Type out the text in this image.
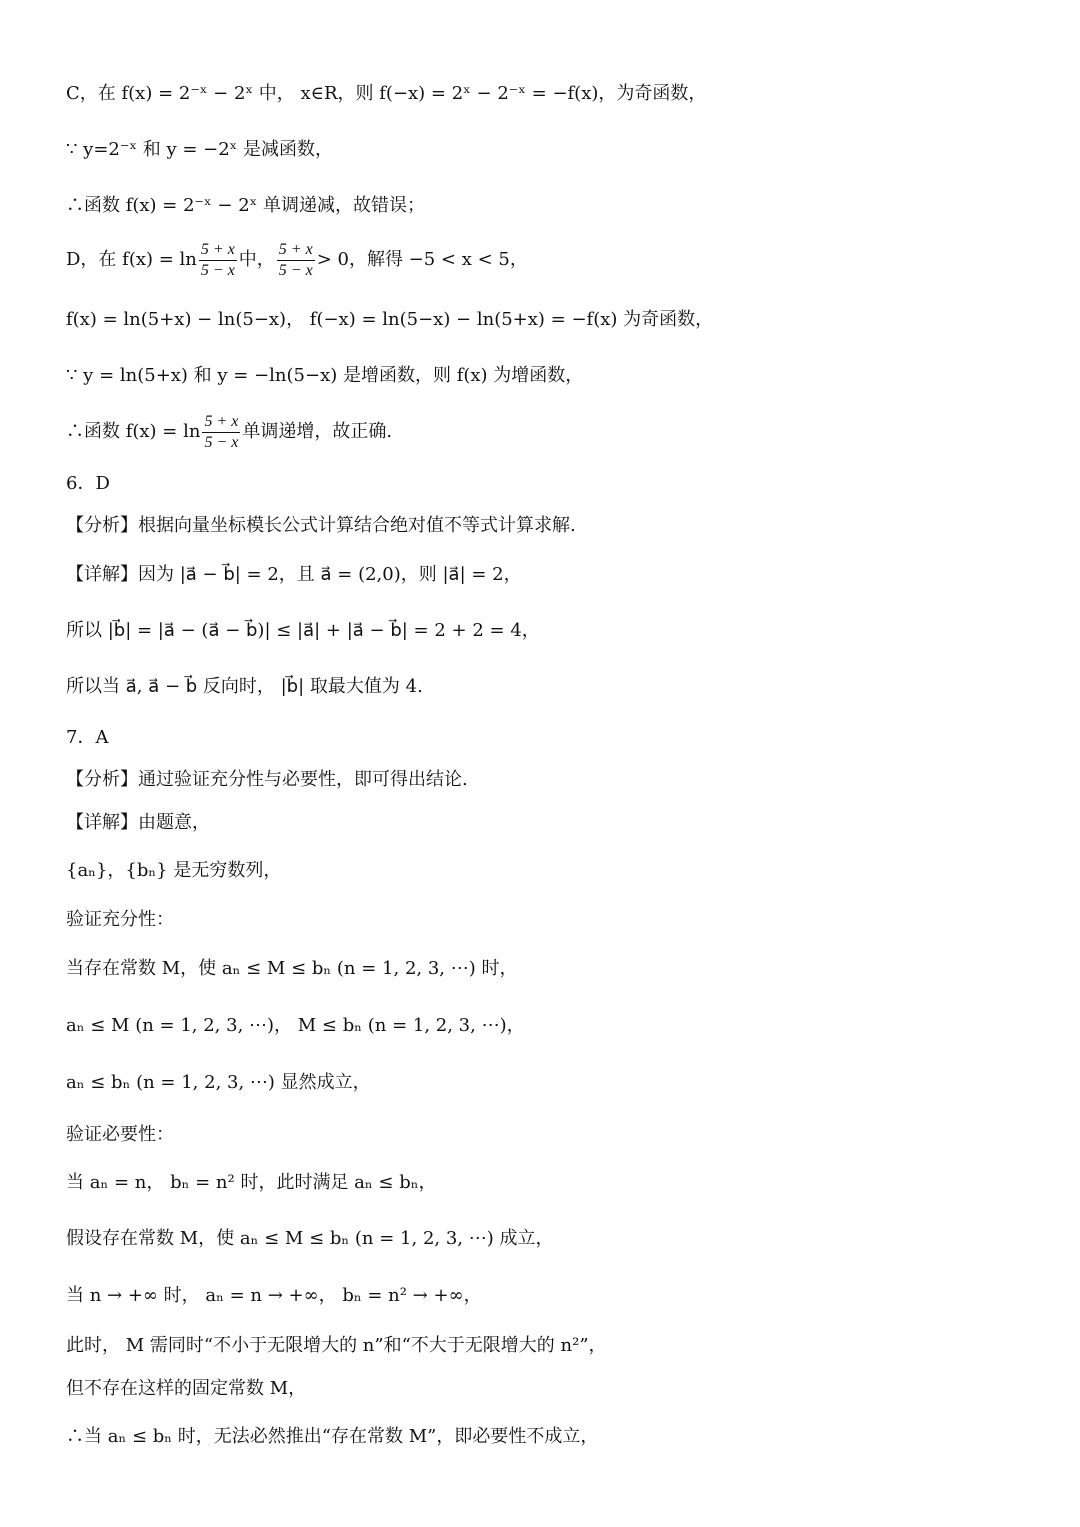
C，在 f(x) = 2⁻ˣ − 2ˣ 中， x∈R，则 f(−x) = 2ˣ − 2⁻ˣ = −f(x)，为奇函数，
∵ y=2⁻ˣ 和 y = −2ˣ 是减函数，
∴函数 f(x) = 2⁻ˣ − 2ˣ 单调递减，故错误；
D，在 $f(x) = \ln \frac{5 + x}{5 - x}$ 中， $\frac{5 + x}{5 - x} > 0$，解得 −5 < x < 5，
f(x) = ln(5+x) − ln(5−x)， f(−x) = ln(5−x) − ln(5+x) = −f(x) 为奇函数，
∵ y = ln(5+x) 和 y = −ln(5−x) 是增函数，则 f(x) 为增函数，
∴函数 $f(x) = \ln \frac{5 + x}{5 - x}$ 单调递增，故正确.
6．D
【分析】根据向量坐标模长公式计算结合绝对值不等式计算求解.
【详解】因为 |a⃗ − b⃗| = 2，且 a⃗ = (2,0)，则 |a⃗| = 2，
所以 |b⃗| = |a⃗ − (a⃗ − b⃗)| ≤ |a⃗| + |a⃗ − b⃗| = 2 + 2 = 4，
所以当 a⃗, a⃗ − b⃗ 反向时， |b⃗| 取最大值为 4.
7．A
【分析】通过验证充分性与必要性，即可得出结论.
【详解】由题意，
{aₙ}，{bₙ} 是无穷数列，
验证充分性：
当存在常数 M，使 aₙ ≤ M ≤ bₙ (n = 1, 2, 3, ⋯) 时，
aₙ ≤ M (n = 1, 2, 3, ⋯)， M ≤ bₙ (n = 1, 2, 3, ⋯)，
aₙ ≤ bₙ (n = 1, 2, 3, ⋯) 显然成立，
验证必要性：
当 aₙ = n， bₙ = n² 时，此时满足 aₙ ≤ bₙ，
假设存在常数 M，使 aₙ ≤ M ≤ bₙ (n = 1, 2, 3, ⋯) 成立，
当 n → +∞ 时， aₙ = n → +∞， bₙ = n² → +∞，
此时， M 需同时“不小于无限增大的 n”和“不大于无限增大的 n²”，
但不存在这样的固定常数 M，
∴当 aₙ ≤ bₙ 时，无法必然推出“存在常数 M”，即必要性不成立，
